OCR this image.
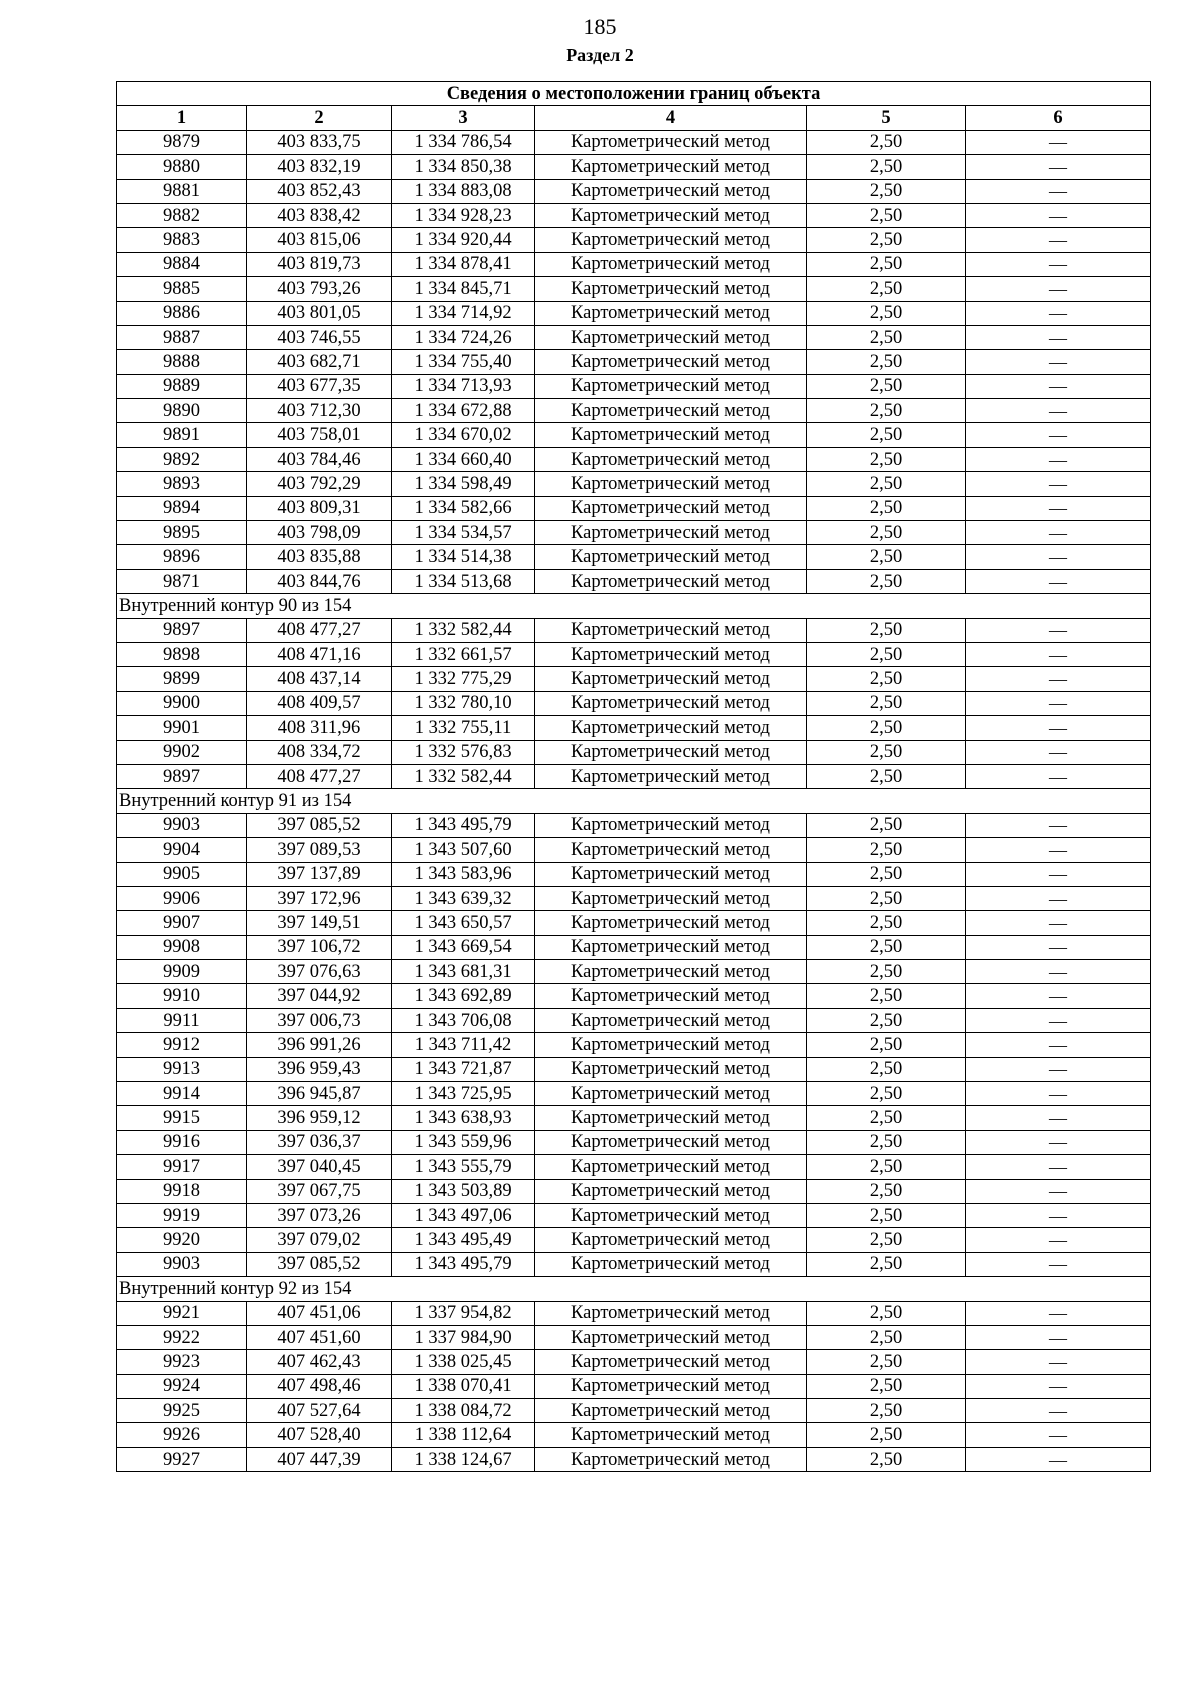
185
Раздел 2
Сведения о местоположении границ объекта					
1	2	3	4	5	6
9879	403 833,75	1 334 786,54	Картометрический метод	2,50	—
9880	403 832,19	1 334 850,38	Картометрический метод	2,50	—
9881	403 852,43	1 334 883,08	Картометрический метод	2,50	—
9882	403 838,42	1 334 928,23	Картометрический метод	2,50	—
9883	403 815,06	1 334 920,44	Картометрический метод	2,50	—
9884	403 819,73	1 334 878,41	Картометрический метод	2,50	—
9885	403 793,26	1 334 845,71	Картометрический метод	2,50	—
9886	403 801,05	1 334 714,92	Картометрический метод	2,50	—
9887	403 746,55	1 334 724,26	Картометрический метод	2,50	—
9888	403 682,71	1 334 755,40	Картометрический метод	2,50	—
9889	403 677,35	1 334 713,93	Картометрический метод	2,50	—
9890	403 712,30	1 334 672,88	Картометрический метод	2,50	—
9891	403 758,01	1 334 670,02	Картометрический метод	2,50	—
9892	403 784,46	1 334 660,40	Картометрический метод	2,50	—
9893	403 792,29	1 334 598,49	Картометрический метод	2,50	—
9894	403 809,31	1 334 582,66	Картометрический метод	2,50	—
9895	403 798,09	1 334 534,57	Картометрический метод	2,50	—
9896	403 835,88	1 334 514,38	Картометрический метод	2,50	—
9871	403 844,76	1 334 513,68	Картометрический метод	2,50	—
Внутренний контур 90 из 154					
9897	408 477,27	1 332 582,44	Картометрический метод	2,50	—
9898	408 471,16	1 332 661,57	Картометрический метод	2,50	—
9899	408 437,14	1 332 775,29	Картометрический метод	2,50	—
9900	408 409,57	1 332 780,10	Картометрический метод	2,50	—
9901	408 311,96	1 332 755,11	Картометрический метод	2,50	—
9902	408 334,72	1 332 576,83	Картометрический метод	2,50	—
9897	408 477,27	1 332 582,44	Картометрический метод	2,50	—
Внутренний контур 91 из 154					
9903	397 085,52	1 343 495,79	Картометрический метод	2,50	—
9904	397 089,53	1 343 507,60	Картометрический метод	2,50	—
9905	397 137,89	1 343 583,96	Картометрический метод	2,50	—
9906	397 172,96	1 343 639,32	Картометрический метод	2,50	—
9907	397 149,51	1 343 650,57	Картометрический метод	2,50	—
9908	397 106,72	1 343 669,54	Картометрический метод	2,50	—
9909	397 076,63	1 343 681,31	Картометрический метод	2,50	—
9910	397 044,92	1 343 692,89	Картометрический метод	2,50	—
9911	397 006,73	1 343 706,08	Картометрический метод	2,50	—
9912	396 991,26	1 343 711,42	Картометрический метод	2,50	—
9913	396 959,43	1 343 721,87	Картометрический метод	2,50	—
9914	396 945,87	1 343 725,95	Картометрический метод	2,50	—
9915	396 959,12	1 343 638,93	Картометрический метод	2,50	—
9916	397 036,37	1 343 559,96	Картометрический метод	2,50	—
9917	397 040,45	1 343 555,79	Картометрический метод	2,50	—
9918	397 067,75	1 343 503,89	Картометрический метод	2,50	—
9919	397 073,26	1 343 497,06	Картометрический метод	2,50	—
9920	397 079,02	1 343 495,49	Картометрический метод	2,50	—
9903	397 085,52	1 343 495,79	Картометрический метод	2,50	—
Внутренний контур 92 из 154					
9921	407 451,06	1 337 954,82	Картометрический метод	2,50	—
9922	407 451,60	1 337 984,90	Картометрический метод	2,50	—
9923	407 462,43	1 338 025,45	Картометрический метод	2,50	—
9924	407 498,46	1 338 070,41	Картометрический метод	2,50	—
9925	407 527,64	1 338 084,72	Картометрический метод	2,50	—
9926	407 528,40	1 338 112,64	Картометрический метод	2,50	—
9927	407 447,39	1 338 124,67	Картометрический метод	2,50	—
